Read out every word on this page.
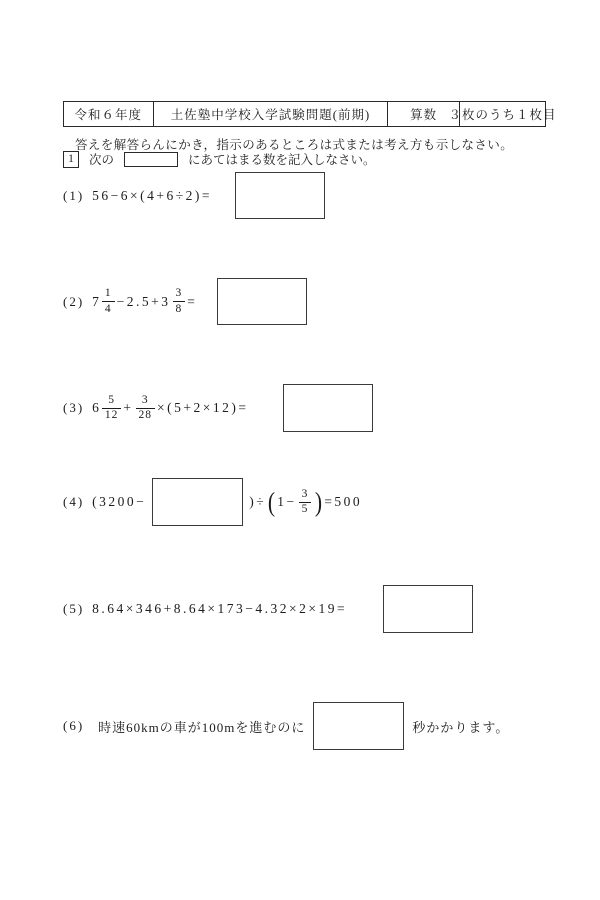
令和６年度	土佐塾中学校入学試験問題(前期)	算数 ３枚のうち１枚目
答えを解答らんにかき，指示のあるところは式または考え方も示しなさい。
1	次の	にあてはまる数を記入しなさい。
(1) 56−6×(4+6÷2)=
(2) $7 \frac{1}{4} -2.5+3 \frac{3}{8}$ =
(3) $6 \frac{5}{12} + \frac{3}{28} \times(5+2\times 12)=$
(4) (3200−	)÷ ( $1- \frac{3}{5}$ ) =500
(5) 8.64×346+8.64×173−4.32×2×19=
(6) 時速60kmの車が100mを進むのに	秒かかります。
